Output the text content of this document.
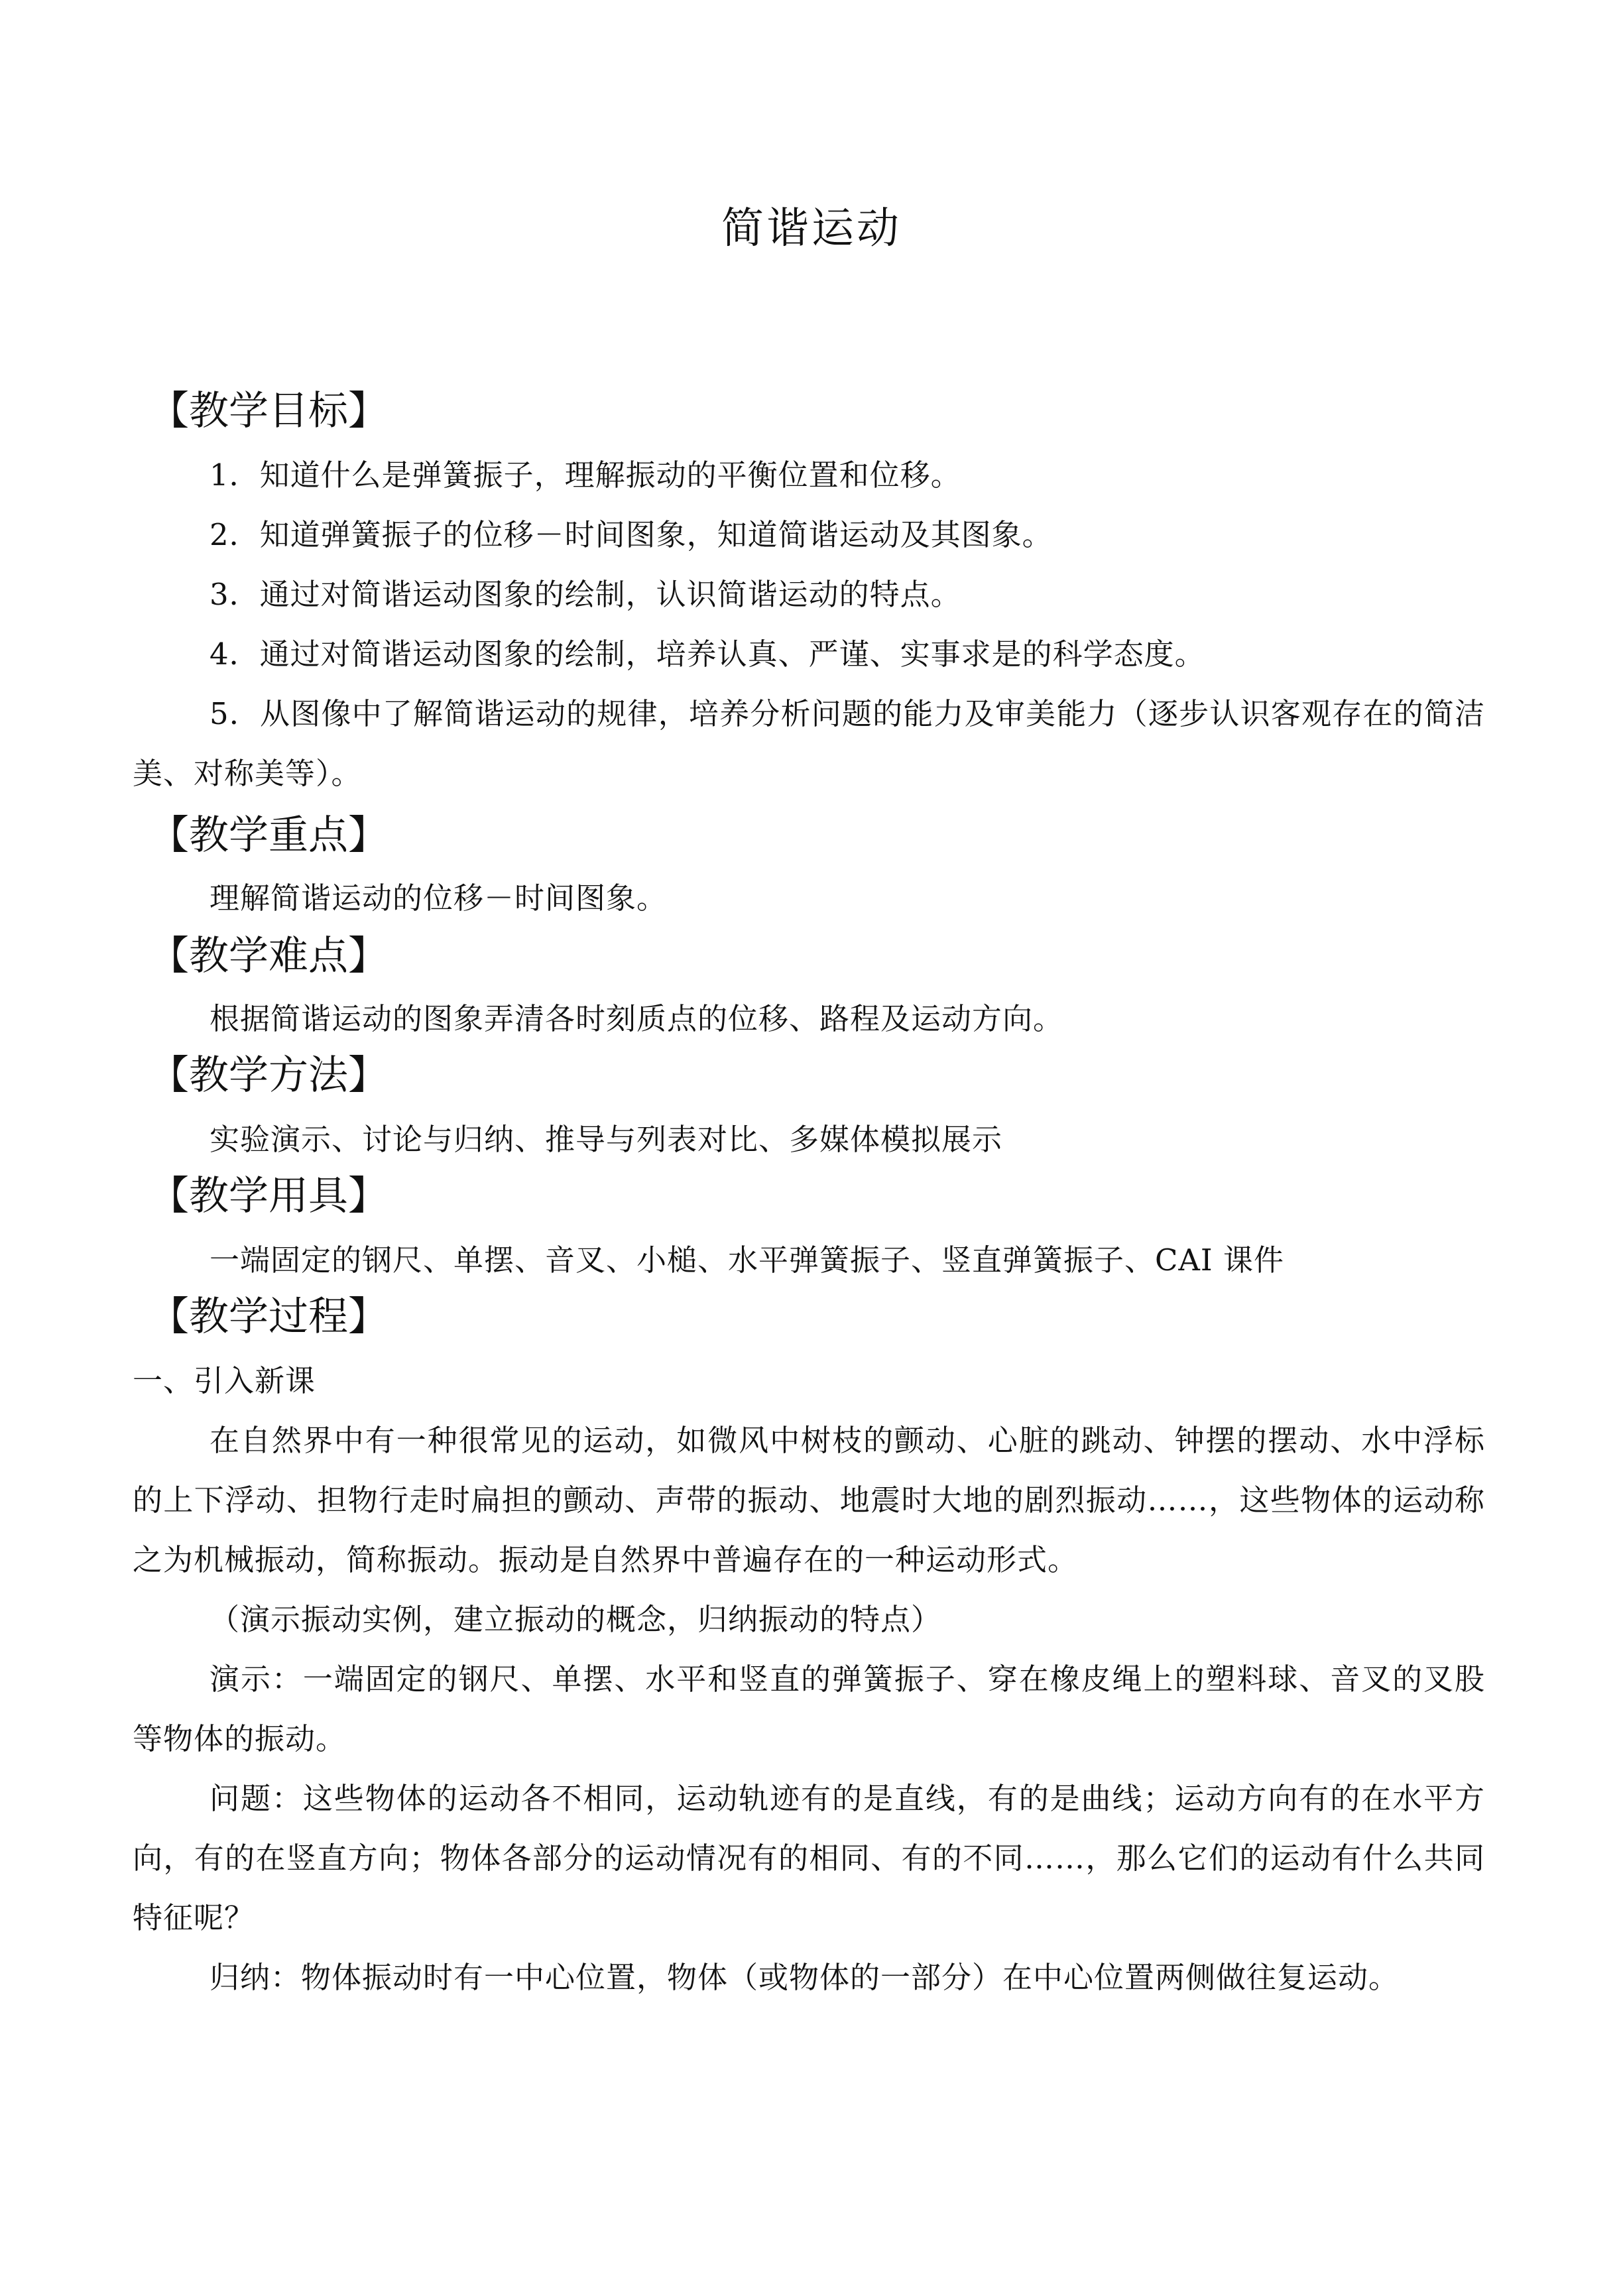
简谐运动
【教学目标】
1．知道什么是弹簧振子，理解振动的平衡位置和位移。
2．知道弹簧振子的位移－时间图象，知道简谐运动及其图象。
3．通过对简谐运动图象的绘制，认识简谐运动的特点。
4．通过对简谐运动图象的绘制，培养认真、严谨、实事求是的科学态度。
5．从图像中了解简谐运动的规律，培养分析问题的能力及审美能力（逐步认识客观存在的简洁美、对称美等）。
【教学重点】
理解简谐运动的位移－时间图象。
【教学难点】
根据简谐运动的图象弄清各时刻质点的位移、路程及运动方向。
【教学方法】
实验演示、讨论与归纳、推导与列表对比、多媒体模拟展示
【教学用具】
一端固定的钢尺、单摆、音叉、小槌、水平弹簧振子、竖直弹簧振子、CAI 课件
【教学过程】
一、引入新课
在自然界中有一种很常见的运动，如微风中树枝的颤动、心脏的跳动、钟摆的摆动、水中浮标的上下浮动、担物行走时扁担的颤动、声带的振动、地震时大地的剧烈振动……，这些物体的运动称之为机械振动，简称振动。振动是自然界中普遍存在的一种运动形式。
（演示振动实例，建立振动的概念，归纳振动的特点）
演示：一端固定的钢尺、单摆、水平和竖直的弹簧振子、穿在橡皮绳上的塑料球、音叉的叉股等物体的振动。
问题：这些物体的运动各不相同，运动轨迹有的是直线，有的是曲线；运动方向有的在水平方向，有的在竖直方向；物体各部分的运动情况有的相同、有的不同……，那么它们的运动有什么共同特征呢？
归纳：物体振动时有一中心位置，物体（或物体的一部分）在中心位置两侧做往复运动。
